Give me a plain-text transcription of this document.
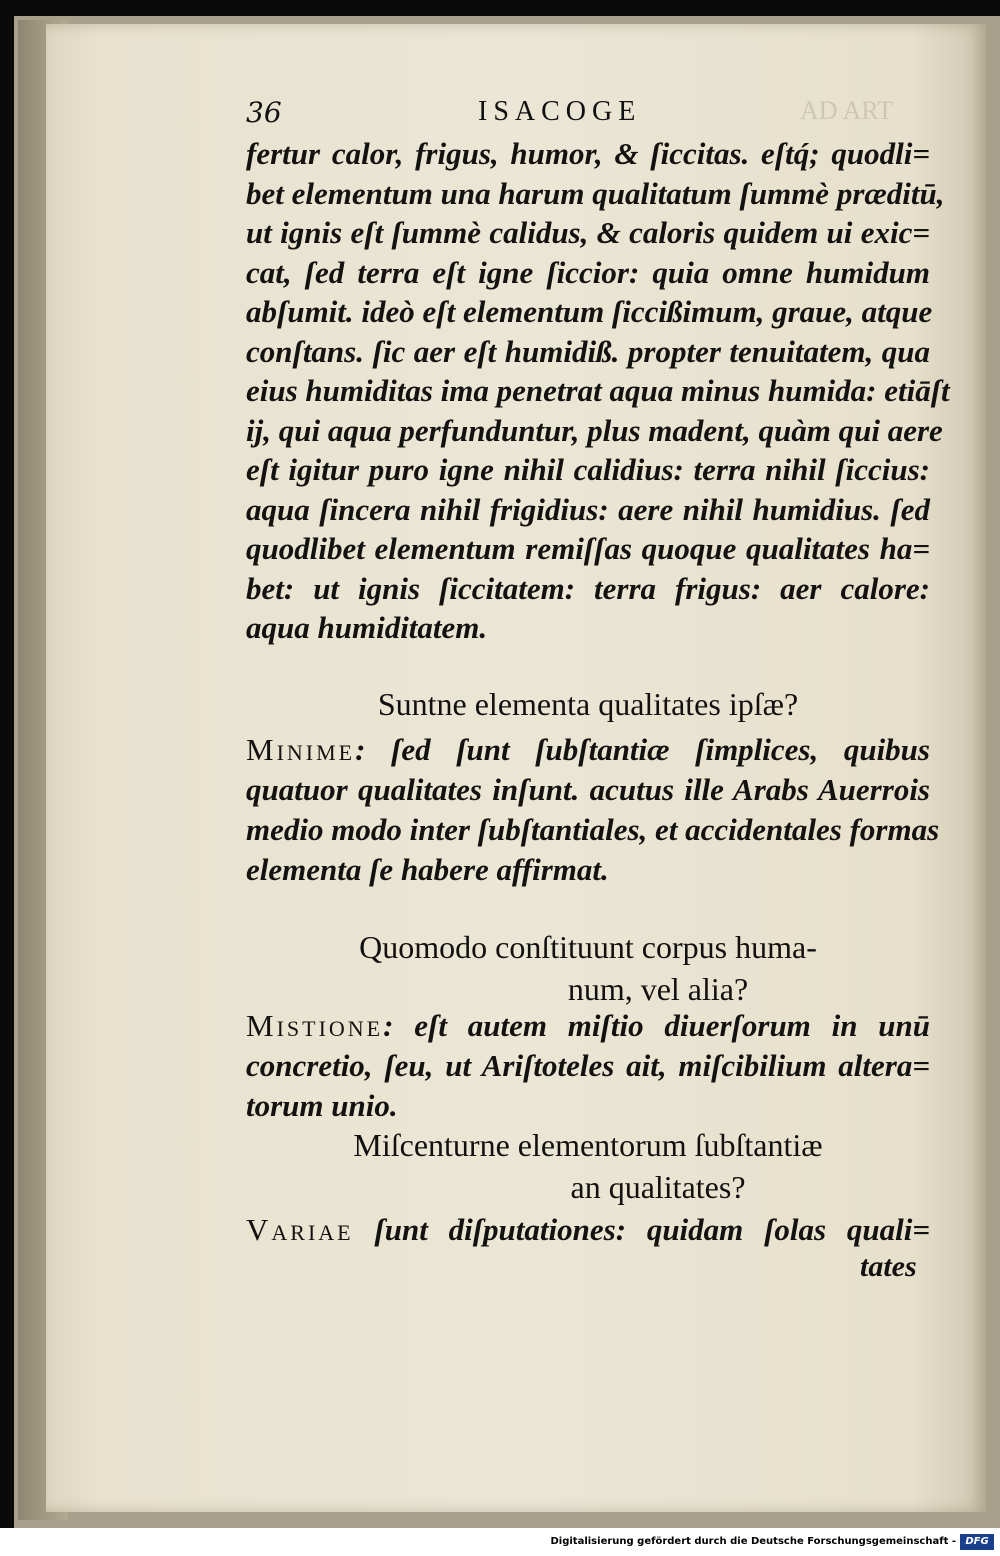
AD ART
36	ISACOGE
fertur calor, frigus, humor, & ſiccitas. eſtq́; quodli=
bet elementum una harum qualitatum ſummè præditū,
ut ignis eſt ſummè calidus, & caloris quidem ui exic=
cat, ſed terra eſt igne ſiccior: quia omne humidum
abſumit. ideò eſt elementum ſiccißimum, graue, atque
conſtans. ſic aer eſt humidiß. propter tenuitatem, qua
eius humiditas ima penetrat aqua minus humida: etiāſt
ij, qui aqua perfunduntur, plus madent, quàm qui aere
eſt igitur puro igne nihil calidius: terra nihil ſiccius:
aqua ſincera nihil frigidius: aere nihil humidius. ſed
quodlibet elementum remiſſas quoque qualitates ha=
bet: ut ignis ſiccitatem: terra frigus: aer calore:
aqua humiditatem.
Suntne elementa qualitates ipſæ?
Minime: ſed ſunt ſubſtantiæ ſimplices, quibus
quatuor qualitates inſunt. acutus ille Arabs Auerrois
medio modo inter ſubſtantiales, et accidentales formas
elementa ſe habere affirmat.
Quomodo conſtituunt corpus huma-
num, vel alia?
Mistione: eſt autem miſtio diuerſorum in unū
concretio, ſeu, ut Ariſtoteles ait, miſcibilium altera=
torum unio.
Miſcenturne elementorum ſubſtantiæ
an qualitates?
Variae ſunt diſputationes: quidam ſolas quali=
tates
Digitalisierung gefördert durch die Deutsche Forschungsgemeinschaft - DFG
